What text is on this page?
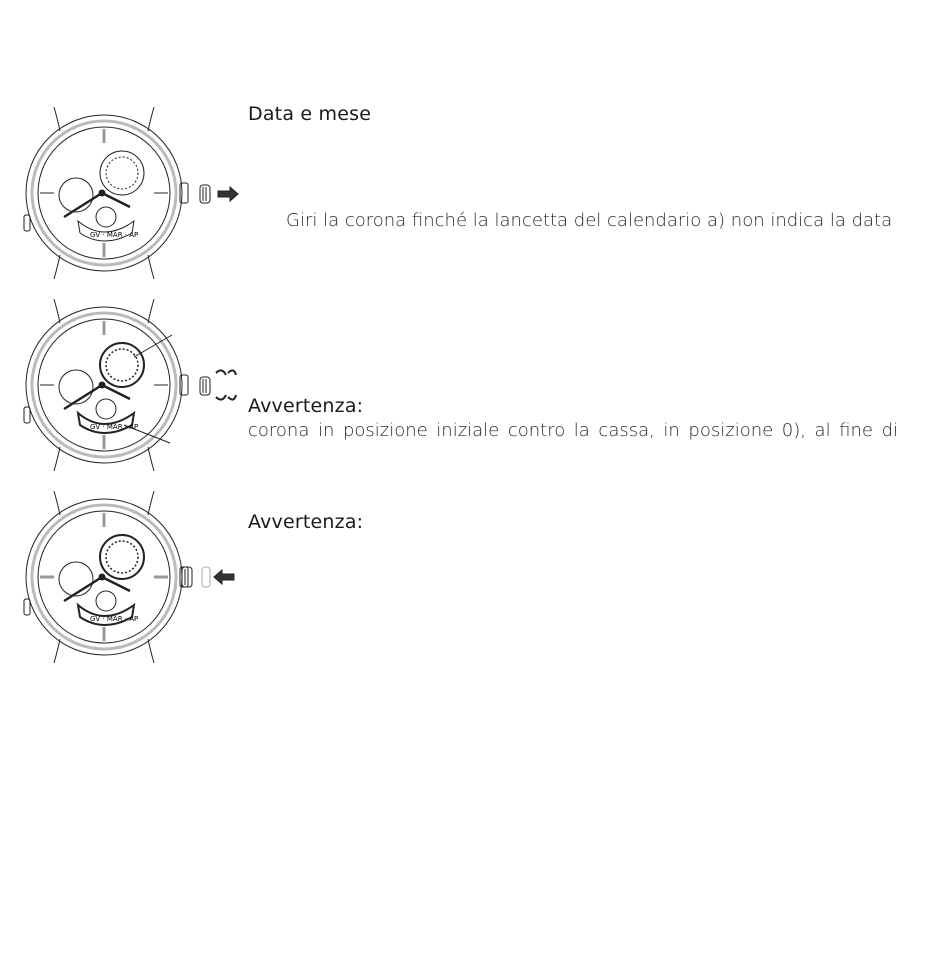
GV · MAR · AP
GV · MAR · AP
GV · MAR · AP
Data e mese
Giri la corona finché la lancetta del calendario a) non indica la data
Avvertenza:
corona in posizione iniziale contro la cassa, in posizione 0), al fine di
Avvertenza:
